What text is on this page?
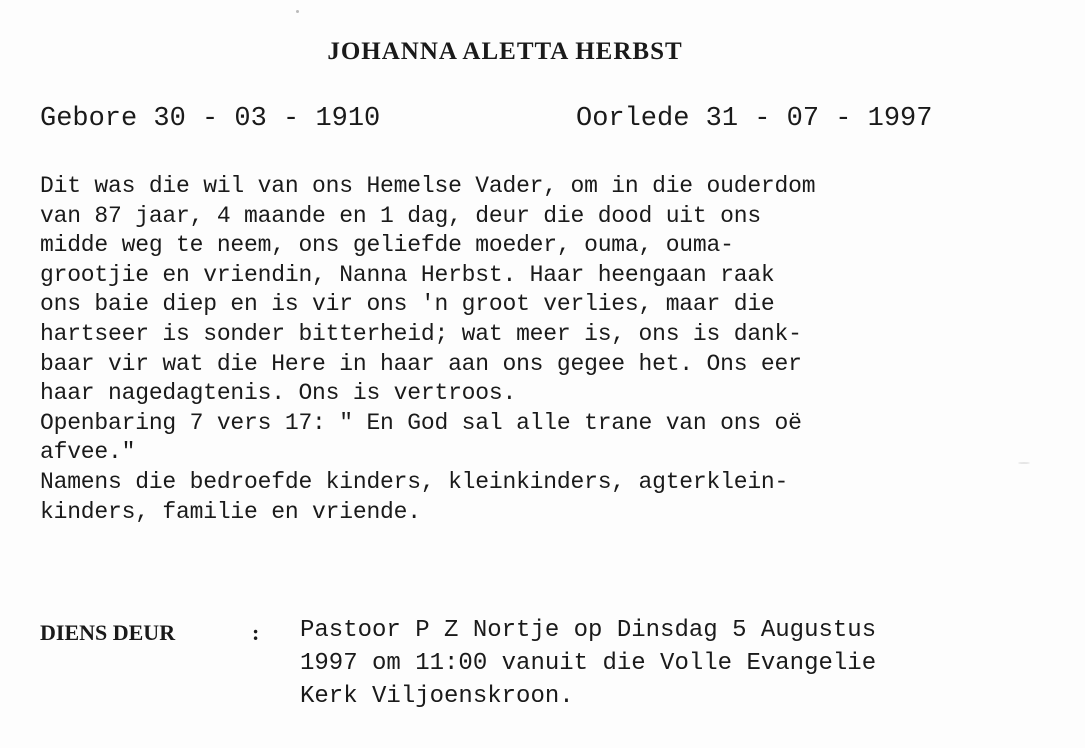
JOHANNA ALETTA HERBST

Gebore 30 - 03 - 1910

	Oorlede 31 - 07 - 1997

Dit was die wil van ons Hemelse Vader, om in die ouderdom
van 87 jaar, 4 maande en 1 dag, deur die dood uit ons
midde weg te neem, ons geliefde moeder, ouma, ouma-
grootjie en vriendin, Nanna Herbst. Haar heengaan raak
ons baie diep en is vir ons 'n groot verlies, maar die
hartseer is sonder bitterheid; wat meer is, ons is dank-
baar vir wat die Here in haar aan ons gegee het. Ons eer
haar nagedagtenis. Ons is vertroos.
Openbaring 7 vers 17: " En God sal alle trane van ons oë
afvee."
Namens die bedroefde kinders, kleinkinders, agterklein-
kinders, familie en vriende.
DIENS DEUR	: Pastoor P Z Nortje op Dinsdag 5 Augustus
1997 om 11:00 vanuit die Volle Evangelie
Kerk Viljoenskroon.
